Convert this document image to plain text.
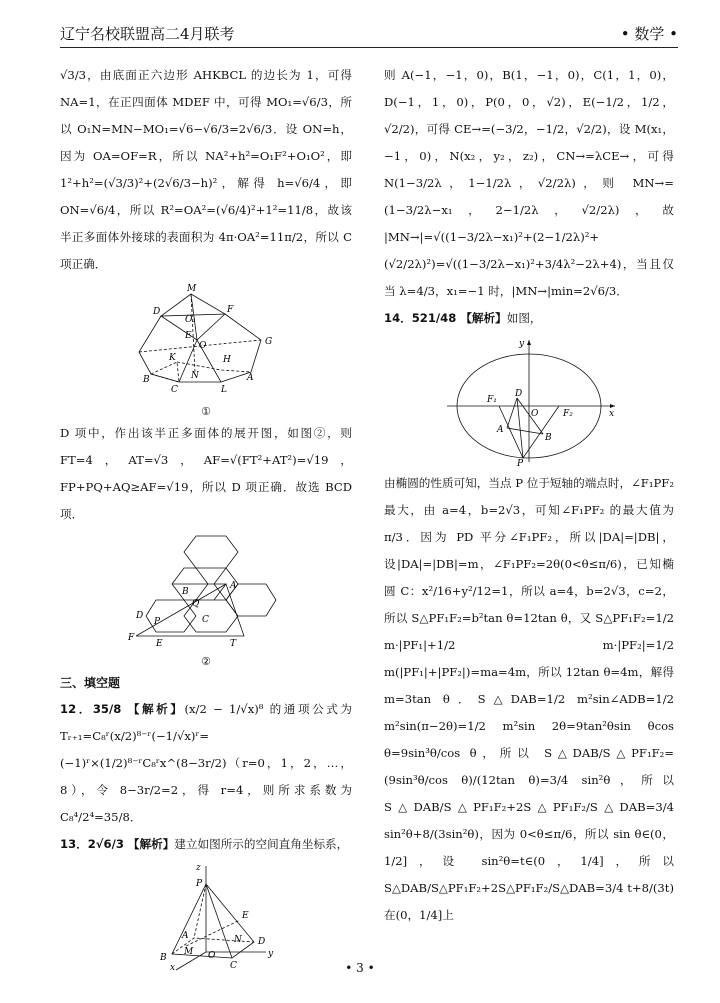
辽宁名校联盟高二4月联考	• 数学 •

√3/3，由底面正六边形 AHKBCL 的边长为 1，可得 NA=1，在正四面体 MDEF 中，可得 MO₁=√6/3，所以 O₁N=MN−MO₁=√6−√6/3=2√6/3．设 ON=h，因为 OA=OF=R，所以 NA²+h²=O₁F²+O₁O²，即 1²+h²=(√3/3)²+(2√6/3−h)²，解得 h=√6/4，即 ON=√6/4，所以 R²=OA²=(√6/4)²+1²=11/8，故该半正多面体外接球的表面积为 4π·OA²=11π/2，所以 C 项正确．

M
D	F
O₁
E
O
K	H
G
B	N	A
C	L
①

D 项中，作出该半正多面体的展开图，如图②，则 FT=4，AT=√3，AF=√(FT²+AT²)=√19，FP+PQ+AQ≥AF=√19，所以 D 项正确．故选 BCD 项．

B
Q
A
D
P	C
F
E	T
②
三、填空题

12．35/8 【解析】(x/2 − 1/√x)⁸ 的通项公式为 Tᵣ₊₁=C₈ʳ(x/2)⁸⁻ʳ(−1/√x)ʳ=(−1)ʳ×(1/2)⁸⁻ʳC₈ʳx^(8−3r/2)（r=0，1，2，…，8），令 8−3r/2=2，得 r=4，则所求系数为 C₈⁴/2⁴=35/8．

13．2√6/3 【解析】建立如图所示的空间直角坐标系，

z
P
E
A	N D
M O
B
C
y
x

则 A(−1，−1，0)，B(1，−1，0)，C(1，1，0)，D(−1，1，0)，P(0，0，√2)，E(−1/2，1/2，√2/2)，可得 CE→=(−3/2，−1/2，√2/2)，设 M(x₁，−1，0)，N(x₂，y₂，z₂)，CN→=λCE→，可得 N(1−3/2λ，1−1/2λ，√2/2λ)，则 MN→=(1−3/2λ−x₁，2−1/2λ，√2/2λ)，故 |MN→|=√((1−3/2λ−x₁)²+(2−1/2λ)²+(√2/2λ)²)=√((1−3/2λ−x₁)²+3/4λ²−2λ+4)，当且仅当 λ=4/3，x₁=−1 时，|MN→|min=2√6/3．

14．521/48 【解析】如图，

y
F₁
D
O	F₂	x
A
B
P

由椭圆的性质可知，当点 P 位于短轴的端点时，∠F₁PF₂ 最大，由 a=4，b=2√3，可知∠F₁PF₂ 的最大值为 π/3．因为 PD 平分∠F₁PF₂，所以|DA|=|DB|，设|DA|=|DB|=m，∠F₁PF₂=2θ(0<θ≤π/6)，已知椭圆 C：x²/16+y²/12=1，所以 a=4，b=2√3，c=2，所以 S△PF₁F₂=b²tan θ=12tan θ，又 S△PF₁F₂=1/2 m·|PF₁|+1/2 m·|PF₂|=1/2 m(|PF₁|+|PF₂|)=ma=4m，所以 12tan θ=4m，解得 m=3tan θ．S△DAB=1/2 m²sin∠ADB=1/2 m²sin(π−2θ)=1/2 m²sin 2θ=9tan²θsin θcos θ=9sin³θ/cos θ，所以 S△DAB/S△PF₁F₂=(9sin³θ/cos θ)/(12tan θ)=3/4 sin²θ，所以 S△DAB/S△PF₁F₂+2S△PF₁F₂/S△DAB=3/4 sin²θ+8/(3sin²θ)，因为 0<θ≤π/6，所以 sin θ∈(0，1/2]，设 sin²θ=t∈(0，1/4]，所以 S△DAB/S△PF₁F₂+2S△PF₁F₂/S△DAB=3/4 t+8/(3t) 在(0，1/4]上

• 3 •
